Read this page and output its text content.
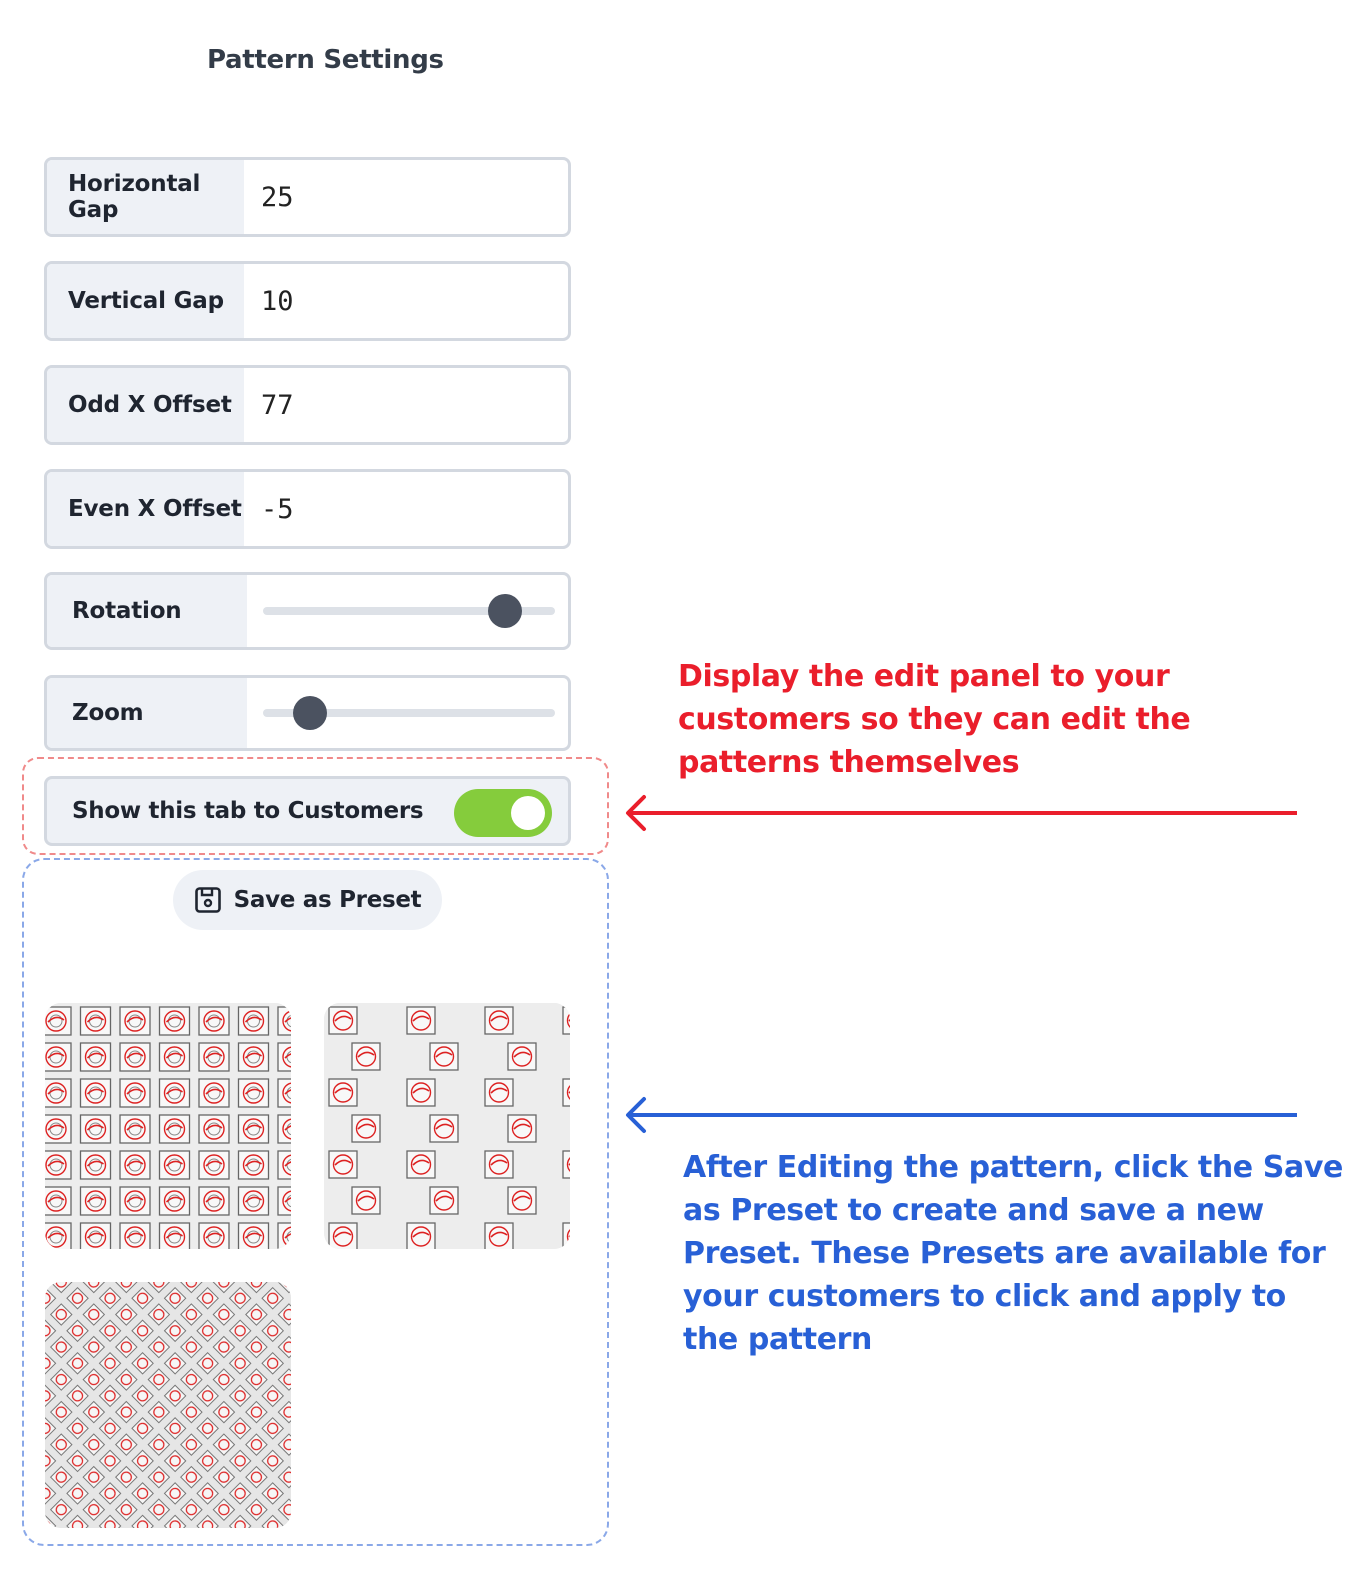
Pattern Settings
Horizontal Gap	25
Vertical Gap	10
Odd X Offset	77
Even X Offset -5
Rotation
Zoom
Show this tab to Customers
Save as Preset
Display the edit panel to your customers so they can edit the patterns themselves
After Editing the pattern, click the Save as Preset to create and save a new Preset. These Presets are available for your customers to click and apply to the pattern
